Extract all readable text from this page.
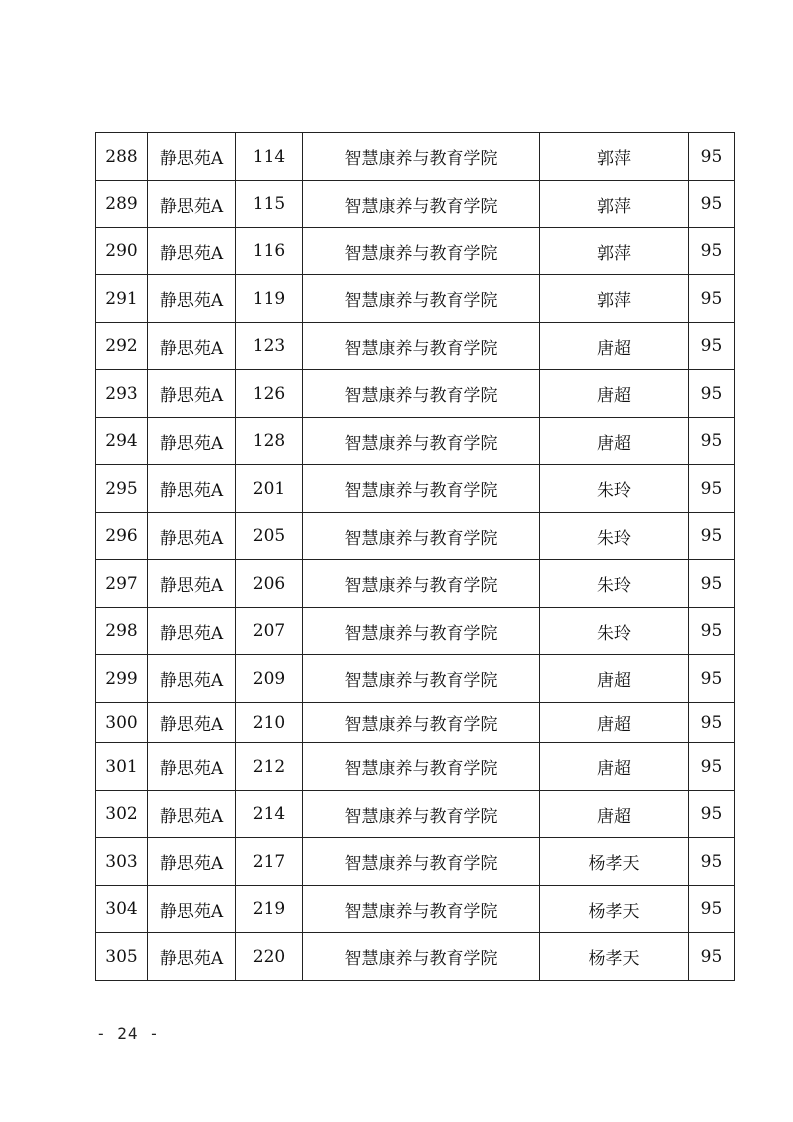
288	静思苑A	114	智慧康养与教育学院	郭萍	95
289	静思苑A	115	智慧康养与教育学院	郭萍	95
290	静思苑A	116	智慧康养与教育学院	郭萍	95
291	静思苑A	119	智慧康养与教育学院	郭萍	95
292	静思苑A	123	智慧康养与教育学院	唐超	95
293	静思苑A	126	智慧康养与教育学院	唐超	95
294	静思苑A	128	智慧康养与教育学院	唐超	95
295	静思苑A	201	智慧康养与教育学院	朱玲	95
296	静思苑A	205	智慧康养与教育学院	朱玲	95
297	静思苑A	206	智慧康养与教育学院	朱玲	95
298	静思苑A	207	智慧康养与教育学院	朱玲	95
299	静思苑A	209	智慧康养与教育学院	唐超	95
300	静思苑A	210	智慧康养与教育学院	唐超	95
301	静思苑A	212	智慧康养与教育学院	唐超	95
302	静思苑A	214	智慧康养与教育学院	唐超	95
303	静思苑A	217	智慧康养与教育学院	杨孝天	95
304	静思苑A	219	智慧康养与教育学院	杨孝天	95
305	静思苑A	220	智慧康养与教育学院	杨孝天	95
- 24 -
